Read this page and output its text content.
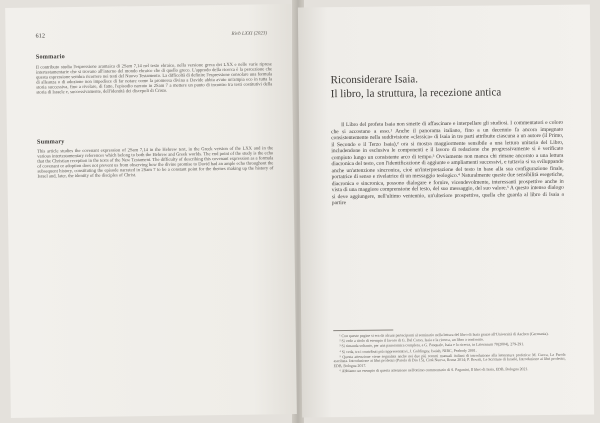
612	Rivb LXXI (2023)
Sommario
Il contributo studia l'espressione aramaica di 2Sam 7,14 nel testo ebraico, nella versione greca dei LXX e nelle varie riprese intertestamentarie che si trovano all'interno del mondo ebraico che di quello greco. L'approdo della ricerca è la percezione che questa espressione sembra ricorrere nei testi del Nuovo Testamento. La difficoltà di definire l'espressione consolare una formula di alleanza o di adozione non impedisce di far notare come la promessa divina a Davide abbia avuto un'ampia eco in tutta la storia successiva, fino a rivelare, di fatto, l'episodio narrato in 2Sam 7 a mettere un punto di incontro tra testi costitutivi della storia di Israele e, successivamente, dell'identità dei discepoli di Cristo.
Summary
This article studies the covenant expression of 2Sam 7,14 in the Hebrew text, in the Greek version of the LXX and in the various intertestamentary references which belong to both the Hebrew and Greek worlds. The end point of the study is the echo that the Christian reception in the texts of the New Testament. The difficulty of describing this covenant expression as a formula of covenant or adoption does not prevent us from observing how the divine promise to David had an ample echo throughout the subsequent history, constituting the episode narrated in 2Sam 7 to be a constant point for the themes making up the history of Israel and, later, the identity of the disciples of Christ.
Riconsiderare Isaia.
Il libro, la struttura, la recezione antica
Il Libro del profeta Isaia non smette di affascinare e interpellare gli studiosi. I commentatori e coloro che si accostano a esso.¹ Anche il panorama italiano, fino a un decennio fa ancora impegnato consistentemente nella suddivisione «classica» di Isaia in tre parti attribuite ciascuna a un autore (il Primo, il Secondo e il Terzo Isaia),² ora si mostra maggiormente sensibile a una lettura unitaria del Libro, includendone in esclusiva le componenti e il lavoro di redazione che progressivamente si è verificato compiuto lungo un consistente arco di tempo.³ Ovviamente non manca chi rimane ancorato a una lettura diacronica del testo, con l'identificazione di aggiunte e ampliamenti successivi, e tuttavia si va sviluppando anche un'attenzione sincronica, cioè un'interpretazione del testo in base alla sua configurazione finale, portatrice di senso e rivelatrice di un messaggio teologico.⁴ Naturalmente queste due sensibilità esegetiche, diacronica e sincronica, possono dialogare e fornire, vicendevolmente, interessanti prospettive anche in vista di una maggiore comprensione del testo, del suo messaggio, del suo valore.⁵ A questo intenso dialogo si deve aggiungere, nell'ultimo ventennio, un'ulteriore prospettiva, quella che guarda al libro di Isaia a partire

¹ Con queste pagine si era da alcuni partecipanti al seminario nella lettura del libro di Isaia grazie all'Università di Aachen (Germania).

² Si vede a titolo di esempio il lavoro di G. Dal Corso, Isaia e la ricerca, un libro a confronto.

³ Si rimanda soltanto, per una panoramica completa, a G. Pasquale, Isaia e la ricerca, in Lateranum 70(2004), 279-291.

⁴ Si veda, tra i contributi più rappresentativi, J. Goldingay, Isaiah, NIBC, Peabody 2001.

⁵ Questa attenzione viene segnalata anche nei due più recenti manuali italiani di introduzione alla letteratura profetica: M. Cucca, La Parola ascoltata. Introduzione ai libri profetici (Parola di Dio 15), Città Nuova, Roma 2014; P. Bovati, Le Scritture di Israele, Introduzione ai libri profetici, EDB, Bologna 2017.

⁶ Abbiamo un esempio di questa attenzione nell'ottimo commentario di S. Paganini, Il libro di Isaia, EDB, Bologna 2021.
